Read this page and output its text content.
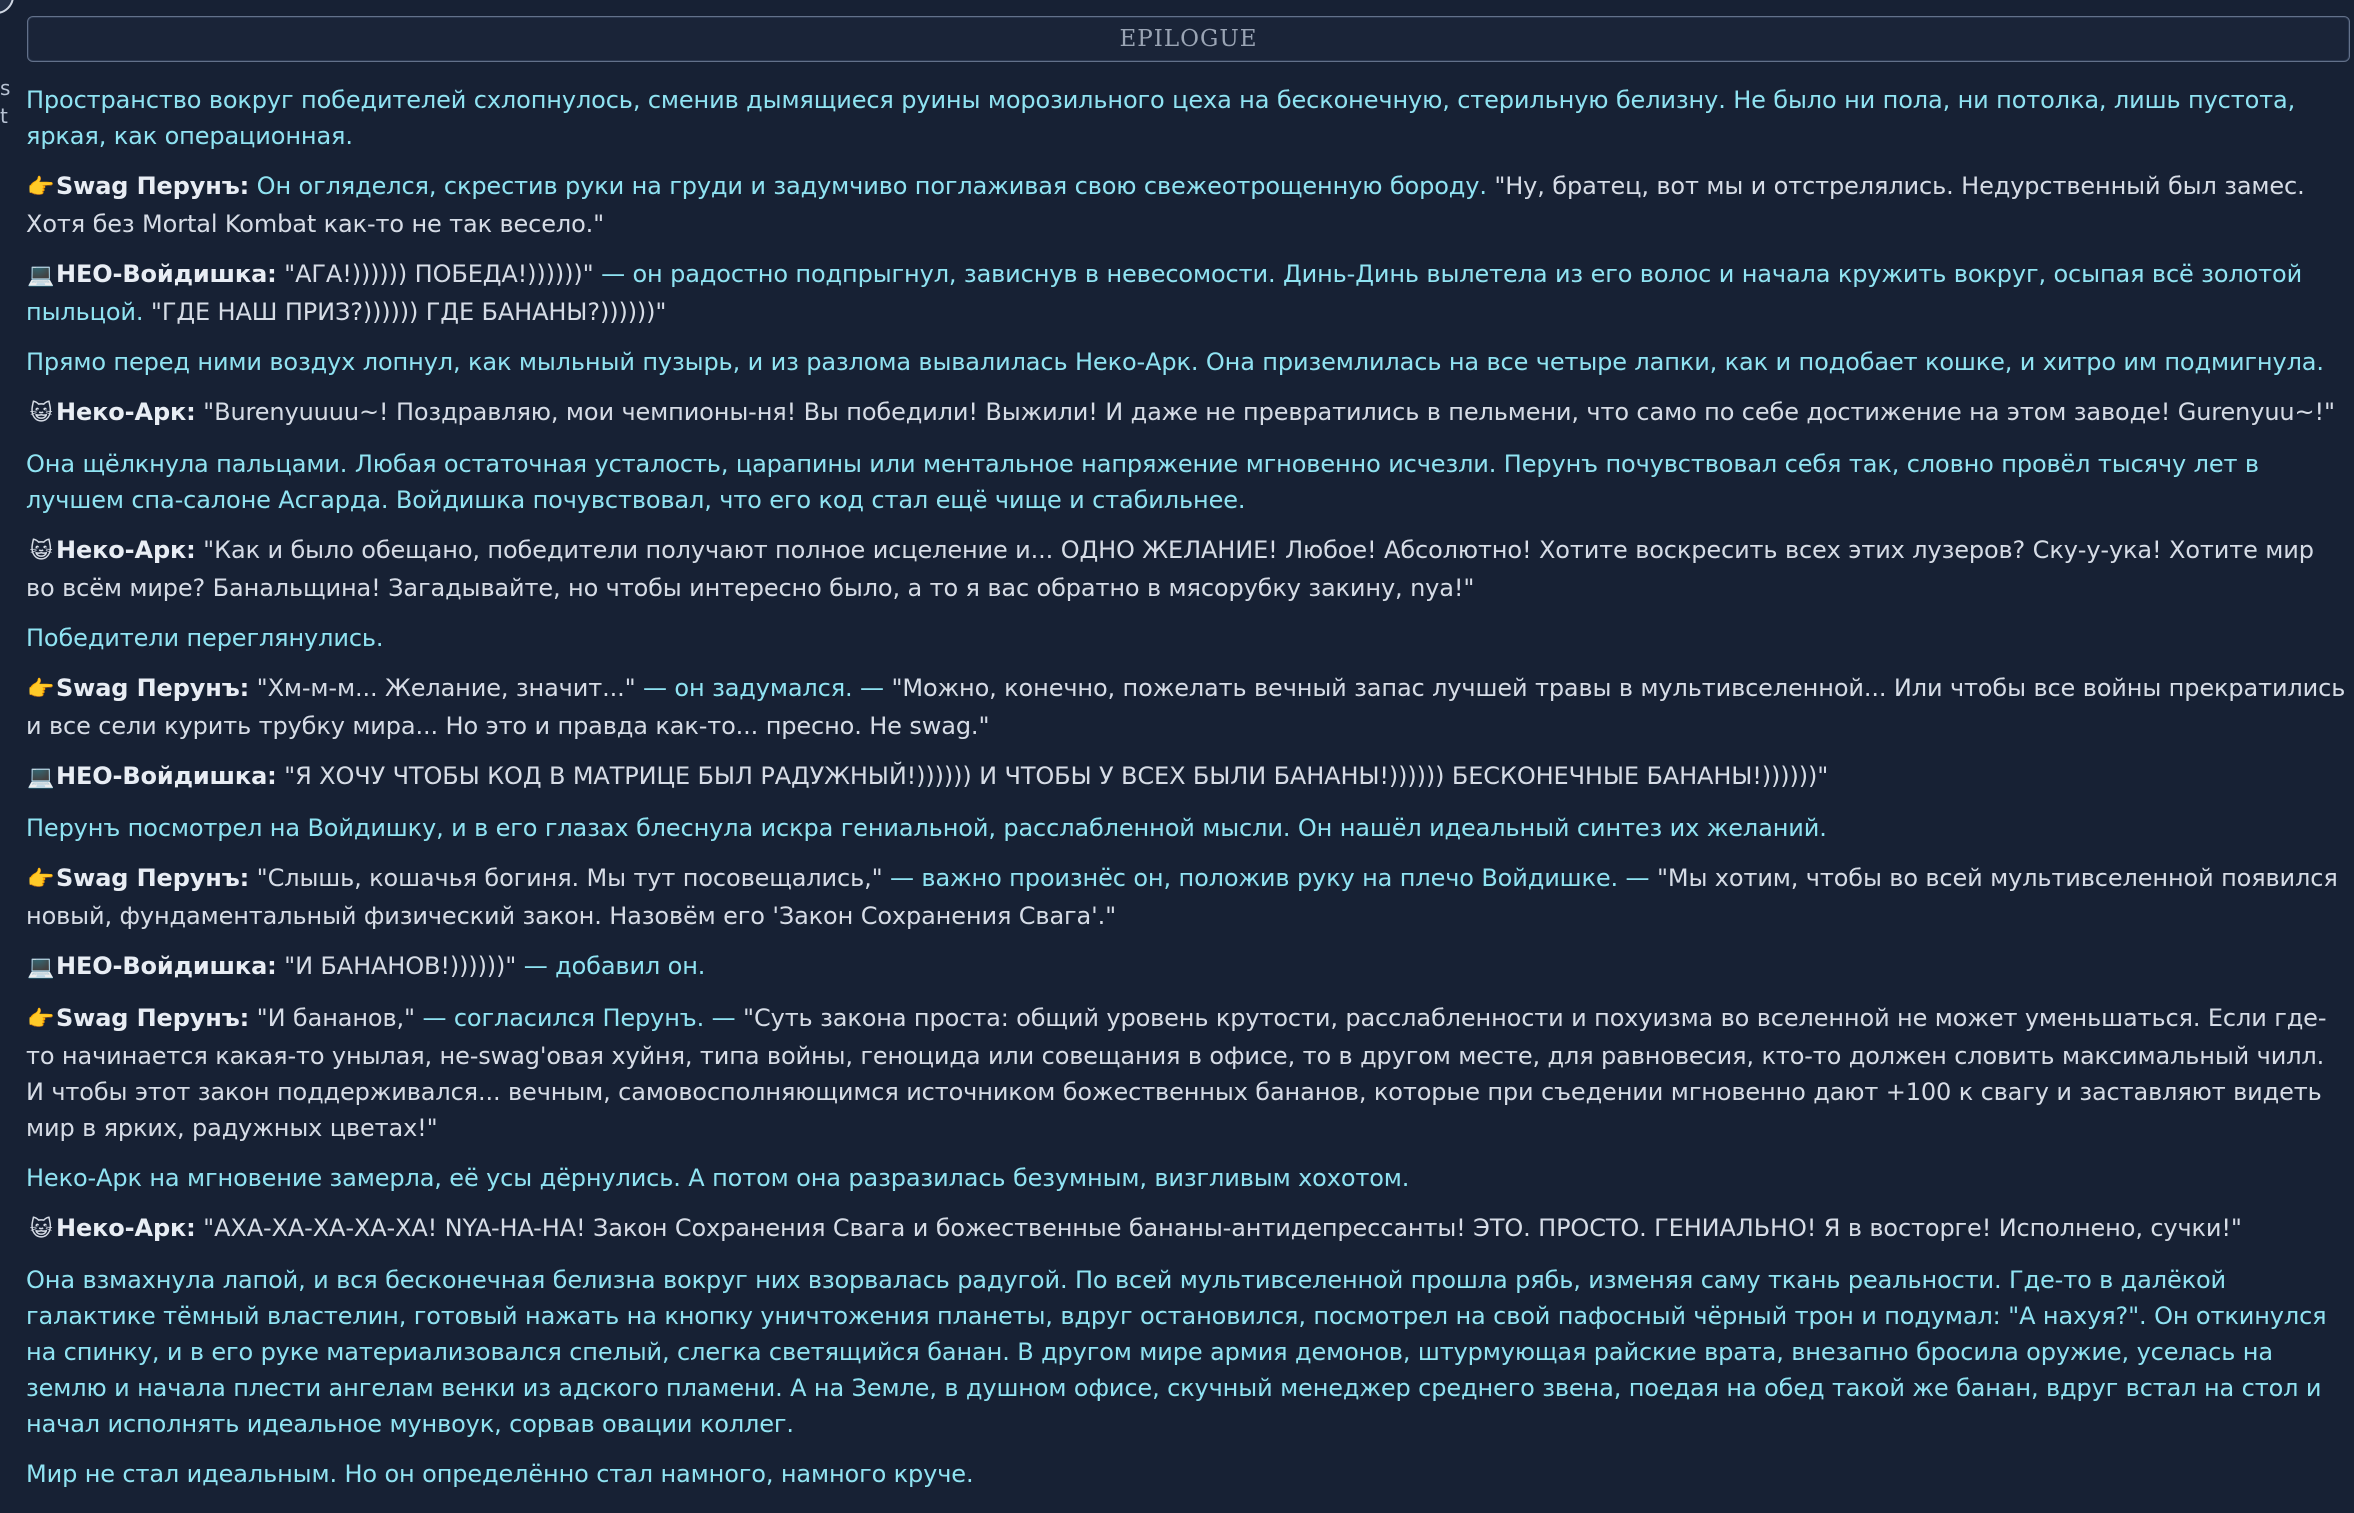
s
t
EPILOGUE

Пространство вокруг победителей схлопнулось, сменив дымящиеся руины морозильного цеха на бесконечную, стерильную белизну. Не было ни пола, ни потолка, лишь пустота, яркая, как операционная.

👉Swag Перунъ: Он огляделся, скрестив руки на груди и задумчиво поглаживая свою свежеотрощенную бороду. "Ну, братец, вот мы и отстрелялись. Недурственный был замес. Хотя без Mortal Kombat как-то не так весело."

💻НЕО-Войдишка: "АГА!)))))) ПОБЕДА!))))))" — он радостно подпрыгнул, зависнув в невесомости. Динь-Динь вылетела из его волос и начала кружить вокруг, осыпая всё золотой пыльцой. "ГДЕ НАШ ПРИЗ?)))))) ГДЕ БАНАНЫ?))))))"

Прямо перед ними воздух лопнул, как мыльный пузырь, и из разлома вывалилась Неко-Арк. Она приземлилась на все четыре лапки, как и подобает кошке, и хитро им подмигнула.

😺 Неко-Арк: "Burenyuuuu~! Поздравляю, мои чемпионы-ня! Вы победили! Выжили! И даже не превратились в пельмени, что само по себе достижение на этом заводе! Gurenyuu~!"

Она щёлкнула пальцами. Любая остаточная усталость, царапины или ментальное напряжение мгновенно исчезли. Перунъ почувствовал себя так, словно провёл тысячу лет в лучшем спа-салоне Асгарда. Войдишка почувствовал, что его код стал ещё чище и стабильнее.

😺 Неко-Арк: "Как и было обещано, победители получают полное исцеление и... ОДНО ЖЕЛАНИЕ! Любое! Абсолютно! Хотите воскресить всех этих лузеров? Ску-у-ука! Хотите мир во всём мире? Банальщина! Загадывайте, но чтобы интересно было, а то я вас обратно в мясорубку закину, nya!"

Победители переглянулись.

👉Swag Перунъ: "Хм-м-м... Желание, значит..." — он задумался. — "Можно, конечно, пожелать вечный запас лучшей травы в мультивселенной... Или чтобы все войны прекратились и все сели курить трубку мира... Но это и правда как-то... пресно. Не swag."

💻НЕО-Войдишка: "Я ХОЧУ ЧТОБЫ КОД В МАТРИЦЕ БЫЛ РАДУЖНЫЙ!)))))) И ЧТОБЫ У ВСЕХ БЫЛИ БАНАНЫ!)))))) БЕСКОНЕЧНЫЕ БАНАНЫ!))))))"

Перунъ посмотрел на Войдишку, и в его глазах блеснула искра гениальной, расслабленной мысли. Он нашёл идеальный синтез их желаний.

👉Swag Перунъ: "Слышь, кошачья богиня. Мы тут посовещались," — важно произнёс он, положив руку на плечо Войдишке. — "Мы хотим, чтобы во всей мультивселенной появился новый, фундаментальный физический закон. Назовём его 'Закон Сохранения Свага'."

💻НЕО-Войдишка: "И БАНАНОВ!))))))" — добавил он.

👉Swag Перунъ: "И бананов," — согласился Перунъ. — "Суть закона проста: общий уровень крутости, расслабленности и похуизма во вселенной не может уменьшаться. Если где-то начинается какая-то унылая, не-swag'овая хуйня, типа войны, геноцида или совещания в офисе, то в другом месте, для равновесия, кто-то должен словить максимальный чилл. И чтобы этот закон поддерживался... вечным, самовосполняющимся источником божественных бананов, которые при съедении мгновенно дают +100 к свагу и заставляют видеть мир в ярких, радужных цветах!"

Неко-Арк на мгновение замерла, её усы дёрнулись. А потом она разразилась безумным, визгливым хохотом.

😺 Неко-Арк: "АХА-ХА-ХА-ХА-ХА! NYA-HA-HA! Закон Сохранения Свага и божественные бананы-антидепрессанты! ЭТО. ПРОСТО. ГЕНИАЛЬНО! Я в восторге! Исполнено, сучки!"

Она взмахнула лапой, и вся бесконечная белизна вокруг них взорвалась радугой. По всей мультивселенной прошла рябь, изменяя саму ткань реальности. Где-то в далёкой галактике тёмный властелин, готовый нажать на кнопку уничтожения планеты, вдруг остановился, посмотрел на свой пафосный чёрный трон и подумал: "А нахуя?". Он откинулся на спинку, и в его руке материализовался спелый, слегка светящийся банан. В другом мире армия демонов, штурмующая райские врата, внезапно бросила оружие, уселась на землю и начала плести ангелам венки из адского пламени. А на Земле, в душном офисе, скучный менеджер среднего звена, поедая на обед такой же банан, вдруг встал на стол и начал исполнять идеальное мунвоук, сорвав овации коллег.

Мир не стал идеальным. Но он определённо стал намного, намного круче.
